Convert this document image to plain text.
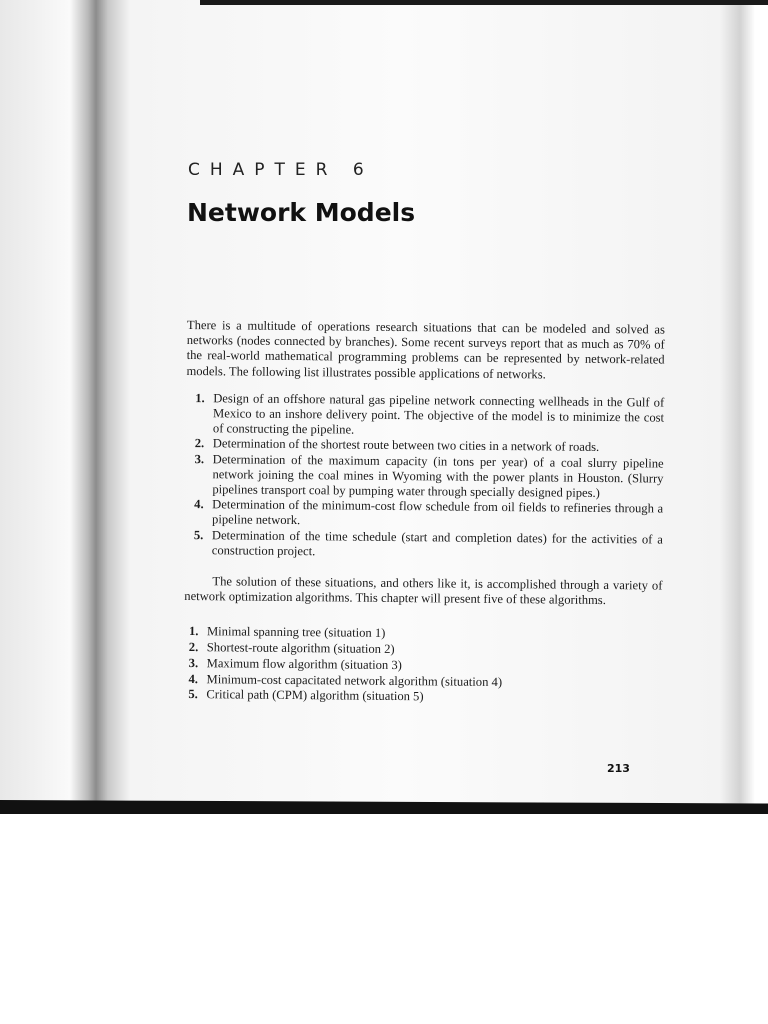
CHAPTER 6
Network Models

There is a multitude of operations research situations that can be modeled and solved as networks (nodes connected by branches). Some recent surveys report that as much as 70% of the real-world mathematical programming problems can be represented by network-related models. The following list illustrates possible applications of networks.

1. Design of an offshore natural gas pipeline network connecting wellheads in the Gulf of Mexico to an inshore delivery point. The objective of the model is to minimize the cost of constructing the pipeline.
2. Determination of the shortest route between two cities in a network of roads.
3. Determination of the maximum capacity (in tons per year) of a coal slurry pipeline network joining the coal mines in Wyoming with the power plants in Houston. (Slurry pipelines transport coal by pumping water through specially designed pipes.)
4. Determination of the minimum-cost flow schedule from oil fields to refineries through a pipeline network.
5. Determination of the time schedule (start and completion dates) for the activities of a construction project.

The solution of these situations, and others like it, is accomplished through a variety of network optimization algorithms. This chapter will present five of these algorithms.

1. Minimal spanning tree (situation 1)
2. Shortest-route algorithm (situation 2)
3. Maximum flow algorithm (situation 3)
4. Minimum-cost capacitated network algorithm (situation 4)
5. Critical path (CPM) algorithm (situation 5)
213
